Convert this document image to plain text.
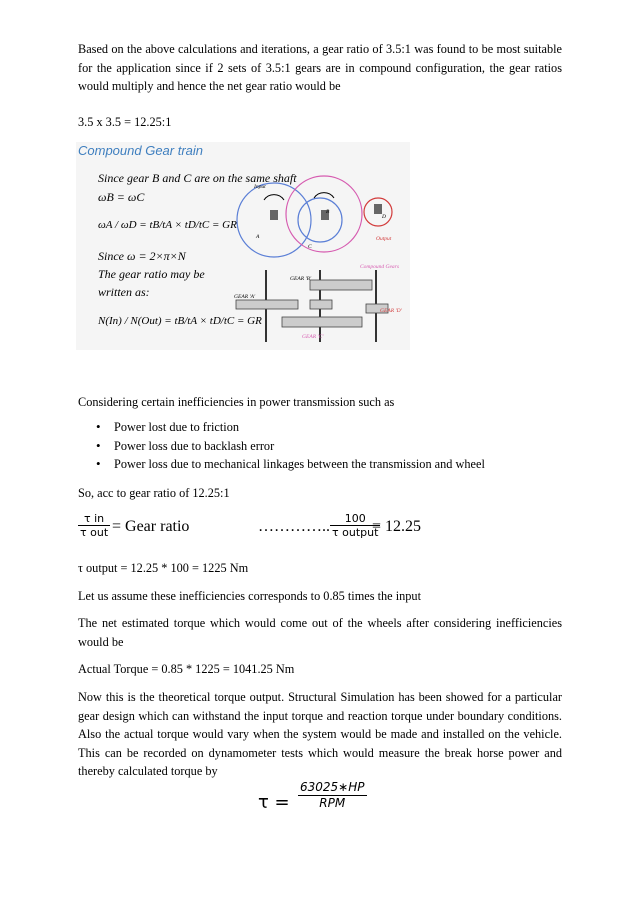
Based on the above calculations and iterations, a gear ratio of 3.5:1 was found to be most suitable for the application since if 2 sets of 3.5:1 gears are in compound configuration, the gear ratios would multiply and hence the net gear ratio would be
3.5 x 3.5 = 12.25:1
Compound Gear train
Since gear B and C are on the same shaft
ωB = ωC
ωA / ωD = tB/tA × tD/tC = GR
Since ω = 2×π×N
The gear ratio may be
written as:
N(In) / N(Out) = tB/tA × tD/tC = GR
Input
Output
A
B
C
D
Compound Gears
GEAR 'B'
GEAR 'A'
GEAR 'D'
GEAR 'C'
Considering certain inefficiencies in power transmission such as
• Power lost due to friction
• Power loss due to backlash error
• Power loss due to mechanical linkages between the transmission and wheel
So, acc to gear ratio of 12.25:1
τ in
τ out = Gear ratio	………….. 100
τ output
= 12.25
τ output = 12.25 * 100 = 1225 Nm
Let us assume these inefficiencies corresponds to 0.85 times the input
The net estimated torque which would come out of the wheels after considering inefficiencies would be
Actual Torque = 0.85 * 1225 = 1041.25 Nm
Now this is the theoretical torque output. Structural Simulation has been showed for a particular gear design which can withstand the input torque and reaction torque under boundary conditions. Also the actual torque would vary when the system would be made and installed on the vehicle. This can be recorded on dynamometer tests which would measure the break horse power and thereby calculated torque by
τ =
63025∗HP
RPM
